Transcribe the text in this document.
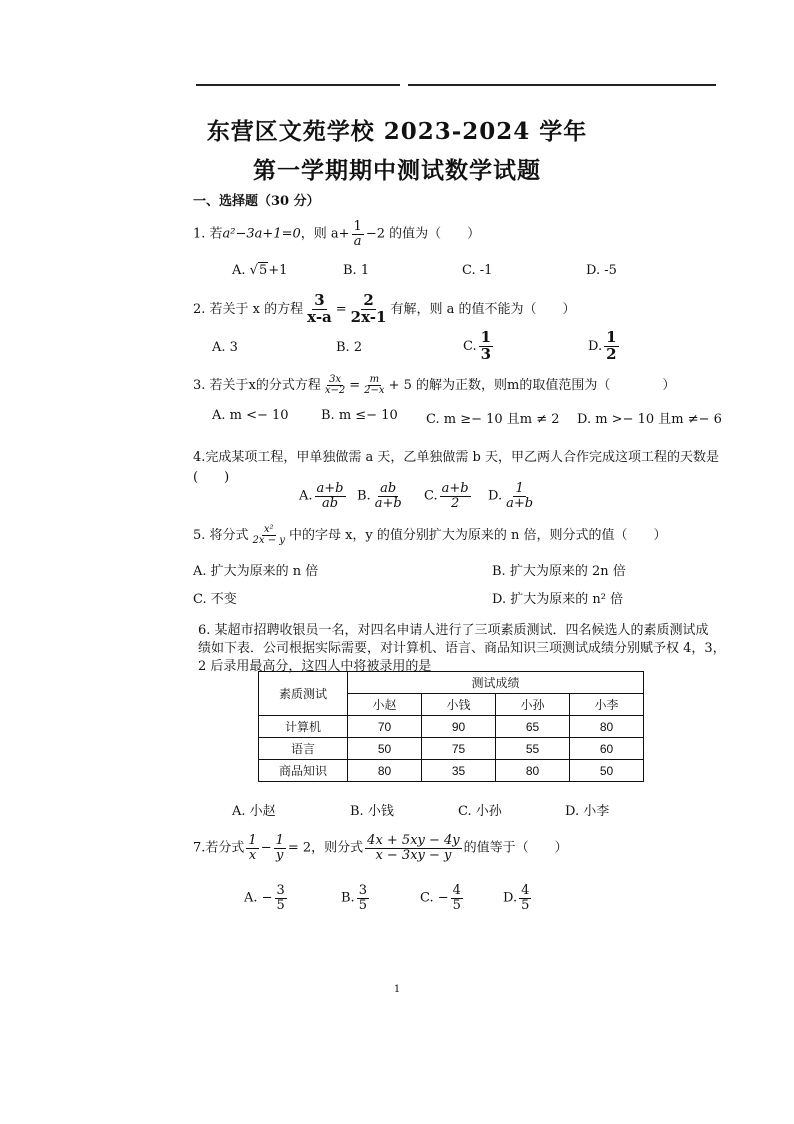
东营区文苑学校 2023-2024 学年
第一学期期中测试数学试题
一、选择题（30 分）
1. 若a²−3a+1=0，则 $a+ \frac{1}{a} -2$ 的值为（　　）
A. √5+1	B. 1	C. -1	D. -5
2. 若关于 x 的方程 $\frac{3}{x-a} = \frac{2}{2x-1}$ 有解，则 a 的值不能为（　　）
A. 3	B. 2	C. $\frac{1}{3}$	D. $\frac{1}{2}$
3. 若关于x的分式方程 $\frac{3x}{x-2} = \frac{m}{2-x} + 5$ 的解为正数，则m的取值范围为（　　　　）
A. m <− 10 B. m ≤− 10 C. m ≥− 10 且m ≠ 2 D. m >− 10 且m ≠− 6
4.完成某项工程，甲单独做需 a 天，乙单独做需 b 天，甲乙两人合作完成这项工程的天数是
(　　)
A. $\frac{a+b}{ab} B$. $\frac{ab}{a+b} C$. $\frac{a+b}{2} D$. $\frac{1}{a+b}$
5. 将分式 $\frac{\text{x²}}{2x - y}$ 中的字母 x，y 的值分别扩大为原来的 n 倍，则分式的值（　　）
A. 扩大为原来的 n 倍	B. 扩大为原来的 2n 倍
C. 不变	D. 扩大为原来的 n² 倍
6. 某超市招聘收银员一名，对四名申请人进行了三项素质测试．四名候选人的素质测试成
绩如下表．公司根据实际需要，对计算机、语言、商品知识三项测试成绩分别赋予权 4，3，
2 后录用最高分，这四人中将被录用的是
素质测试	测试成绩			
	小赵	小钱	小孙	小李
计算机	70	90	65	80
语言	50	75	55	60
商品知识	80	35	80	50
A. 小赵	B. 小钱	C. 小孙	D. 小李
7.若分式 $\frac{1}{x} - \frac{1}{y} = 2$，则分式 $\frac{4x + 5xy - 4y}{x - 3xy - y}$ 的值等于（　　）
A. − $\frac{3}{5}$	B. $\frac{3}{5}$	C. − $\frac{4}{5}$	D. $\frac{4}{5}$
1
